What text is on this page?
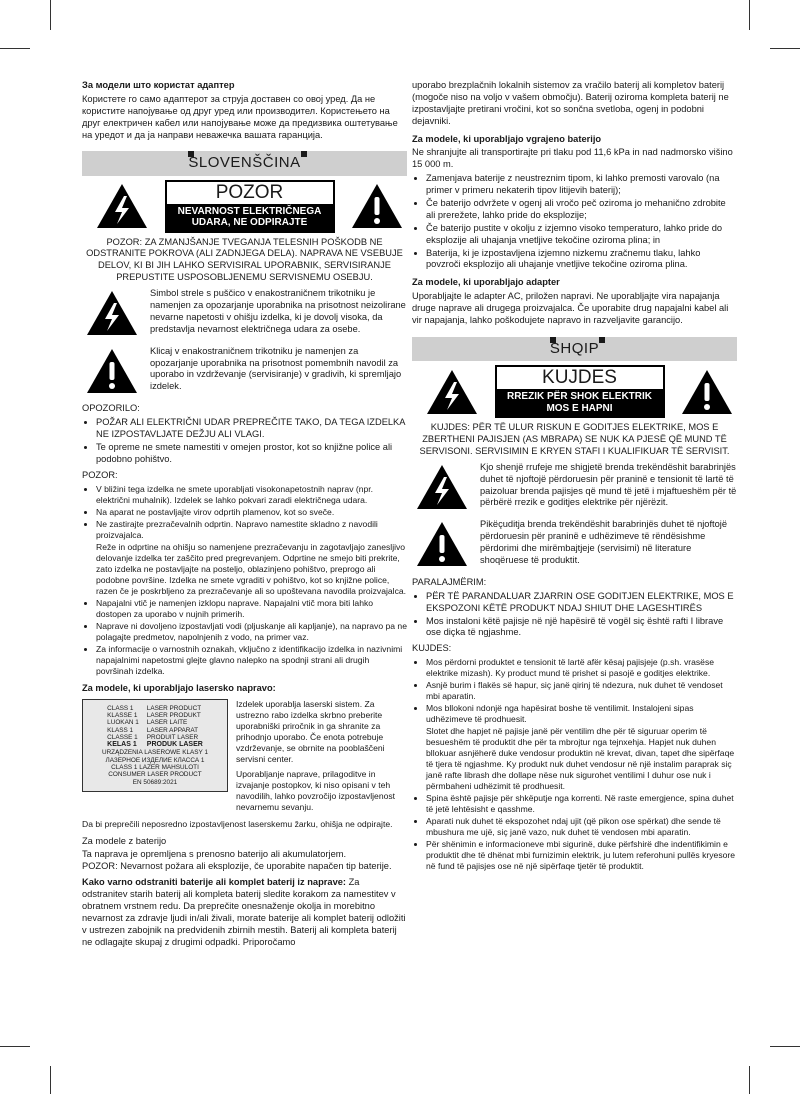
За модели што користат адаптер

Користете го само адаптерот за струја доставен со овој уред. Да не користите напојување од друг уред или производител. Користењето на друг електричен кабел или напојување може да предизвика оштетување на уредот и да ја направи неважечка вашата гаранција.

SLOVENŠČINA
POZOR
NEVARNOST ELEKTRIČNEGA
UDARA, NE ODPIRAJTE

POZOR: ZA ZMANJŠANJE TVEGANJA TELESNIH POŠKODB NE ODSTRANITE POKROVA (ALI ZADNJEGA DELA). NAPRAVA NE VSEBUJE DELOV, KI BI JIH LAHKO SERVISIRAL UPORABNIK, SERVISIRANJE PREPUSTITE USPOSOBLJENEMU SERVISNEMU OSEBJU.

Simbol strele s puščico v enakostraničnem trikotniku je namenjen za opozarjanje uporabnika na prisotnost neizolirane nevarne napetosti v ohišju izdelka, ki je dovolj visoka, da predstavlja nevarnost električnega udara za osebe.

Klicaj v enakostraničnem trikotniku je namenjen za opozarjanje uporabnika na prisotnost pomembnih navodil za uporabo in vzdrževanje (servisiranje) v gradivih, ki spremljajo izdelek.

OPOZORILO:

• POŽAR ALI ELEKTRIČNI UDAR PREPREČITE TAKO, DA TEGA IZDELKA NE IZPOSTAVLJATE DEŽJU ALI VLAGI.
• Te opreme ne smete namestiti v omejen prostor, kot so knjižne police ali podobno pohištvo.

POZOR:

• V bližini tega izdelka ne smete uporabljati visokonapetostnih naprav (npr. električni muhalnik). Izdelek se lahko pokvari zaradi električnega udara.
• Na aparat ne postavljajte virov odprtih plamenov, kot so sveče.
• Ne zastirajte prezračevalnih odprtin. Napravo namestite skladno z navodili proizvajalca.
Reže in odprtine na ohišju so namenjene prezračevanju in zagotavljajo zanesljivo delovanje izdelka ter zaščito pred pregrevanjem. Odprtine ne smejo biti prekrite, zato izdelka ne postavljajte na posteljo, oblazinjeno pohištvo, preprogo ali podobne površine. Izdelka ne smete vgraditi v pohištvo, kot so knjižne police, razen če je poskrbljeno za prezračevanje ali so upoštevana navodila proizvajalca.
• Napajalni vtič je namenjen izklopu naprave. Napajalni vtič mora biti lahko dostopen za uporabo v nujnih primerih.
• Naprave ni dovoljeno izpostavljati vodi (pljuskanje ali kapljanje), na napravo pa ne polagajte predmetov, napolnjenih z vodo, na primer vaz.
• Za informacije o varnostnih oznakah, vključno z identifikacijo izdelka in nazivnimi napajalnimi napetostmi glejte glavno nalepko na spodnji strani ali drugih površinah izdelka.

Za modele, ki uporabljajo lasersko napravo:

CLASS 1	LASER PRODUCT
KLASSE 1	LASER PRODUKT
LUOKAN 1	LASER LAITE
KLASS 1	LASER APPARAT
CLASSE 1	PRODUIT LASER
KELAS 1	PRODUK LASER
URZĄDZENIA LASEROWE KLASY 1
ЛАЗЕРНОЕ ИЗДЕЛИЕ КЛАССА 1
CLASS 1 LAZER MAHSULOTI
CONSUMER LASER PRODUCT
EN 50689:2021

Izdelek uporablja laserski sistem. Za ustrezno rabo izdelka skrbno preberite uporabniški priročnik in ga shranite za prihodnjo uporabo. Če enota potrebuje vzdrževanje, se obrnite na pooblaščeni servisni center.

Uporabljanje naprave, prilagoditve in izvajanje postopkov, ki niso opisani v teh navodilih, lahko povzročijo izpostavljenost nevarnemu sevanju.

Da bi preprečili neposredno izpostavljenost laserskemu žarku, ohišja ne odpirajte.

Za modele z baterijo

Ta naprava je opremljena s prenosno baterijo ali akumulatorjem.

POZOR: Nevarnost požara ali eksplozije, če uporabite napačen tip baterije.

Kako varno odstraniti baterije ali komplet baterij iz naprave: Za odstranitev starih baterij ali kompleta baterij sledite korakom za namestitev v obratnem vrstnem redu. Da preprečite onesnaženje okolja in morebitno nevarnost za zdravje ljudi in/ali živali, morate baterije ali komplet baterij odložiti v ustrezen zabojnik na predvidenih zbirnih mestih. Baterij ali kompleta baterij ne odlagajte skupaj z drugimi odpadki. Priporočamo

uporabo brezplačnih lokalnih sistemov za vračilo baterij ali kompletov baterij (mogoče niso na voljo v vašem območju). Baterij oziroma kompleta baterij ne izpostavljajte pretirani vročini, kot so sončna svetloba, ogenj in podobni dejavniki.

Za modele, ki uporabljajo vgrajeno baterijo

Ne shranjujte ali transportirajte pri tlaku pod 11,6 kPa in nad nadmorsko višino 15 000 m.

• Zamenjava baterije z neustreznim tipom, ki lahko premosti varovalo (na primer v primeru nekaterih tipov litijevih baterij);
• Če baterijo odvržete v ogenj ali vročo peč oziroma jo mehanično zdrobite ali prerežete, lahko pride do eksplozije;
• Če baterijo pustite v okolju z izjemno visoko temperaturo, lahko pride do eksplozije ali uhajanja vnetljive tekočine oziroma plina; in
• Baterija, ki je izpostavljena izjemno nizkemu zračnemu tlaku, lahko povzroči eksplozijo ali uhajanje vnetljive tekočine oziroma plina.

Za modele, ki uporabljajo adapter

Uporabljajte le adapter AC, priložen napravi. Ne uporabljajte vira napajanja druge naprave ali drugega proizvajalca. Če uporabite drug napajalni kabel ali vir napajanja, lahko poškodujete napravo in razveljavite garancijo.

SHQIP
KUJDES
RREZIK PËR SHOK ELEKTRIK
MOS E HAPNI

KUJDES: PËR TË ULUR RISKUN E GODITJES ELEKTRIKE, MOS E ZBERTHENI PAJISJEN (AS MBRAPA) SE NUK KA PJESË QË MUND TË SERVISONI. SERVISIMIN E KRYEN STAFI I KUALIFIKUAR TË SERVISIT.

Kjo shenjë rrufeje me shigjetë brenda trekëndëshit barabrinjës duhet të njoftojë përdoruesin për praninë e tensionit të lartë të paizoluar brenda pajisjes që mund të jetë i mjaftueshëm për të përbërë rrezik e goditjes elektrike për njërëzit.

Pikëçuditja brenda trekëndëshit barabrinjës duhet të njoftojë përdoruesin për praninë e udhëzimeve të rëndësishme përdorimi dhe mirëmbajtjeje (servisimi) në literature shoqëruese të produktit.

PARALAJMËRIM:

• PËR TË PARANDALUAR ZJARRIN OSE GODITJEN ELEKTRIKE, MOS E EKSPOZONI KËTË PRODUKT NDAJ SHIUT DHE LAGESHTIRËS
• Mos instaloni këtë pajisje në një hapësirë të vogël siç është rafti I librave ose diçka të ngjashme.

KUJDES:

• Mos përdorni produktet e tensionit të lartë afër kësaj pajisjeje (p.sh. vrasëse elektrike mizash). Ky product mund të prishet si pasojë e goditjes elektrike.
• Asnjë burim i flakës së hapur, siç janë qirinj të ndezura, nuk duhet të vendoset mbi aparatin.
• Mos bllokoni ndonjë nga hapësirat boshe të ventilimit. Instalojeni sipas udhëzimeve të prodhuesit.
Slotet dhe hapjet në pajisje janë për ventilim dhe për të siguruar operim të besueshëm të produktit dhe për ta mbrojtur nga tejnxehja. Hapjet nuk duhen bllokuar asnjëherë duke vendosur produktin në krevat, divan, tapet dhe sipërfaqe të tjera të ngjashme. Ky produkt nuk duhet vendosur në një instalim paraprak siç janë rafte librash dhe dollape nëse nuk sigurohet ventilimi I duhur ose nuk i përmbaheni udhëzimit të prodhuesit.
• Spina është pajisje për shkëputje nga korrenti. Në raste emergjence, spina duhet të jetë lehtësisht e qasshme.
• Aparati nuk duhet të ekspozohet ndaj ujit (që pikon ose spërkat) dhe sende të mbushura me ujë, siç janë vazo, nuk duhet të vendosen mbi aparatin.
• Për shënimin e informacioneve mbi sigurinë, duke përfshirë dhe indentifikimin e produktit dhe të dhënat mbi furnizimin elektrik, ju lutem referohuni pullës kryesore në fund të pajisjes ose në një sipërfaqe tjetër të produktit.
